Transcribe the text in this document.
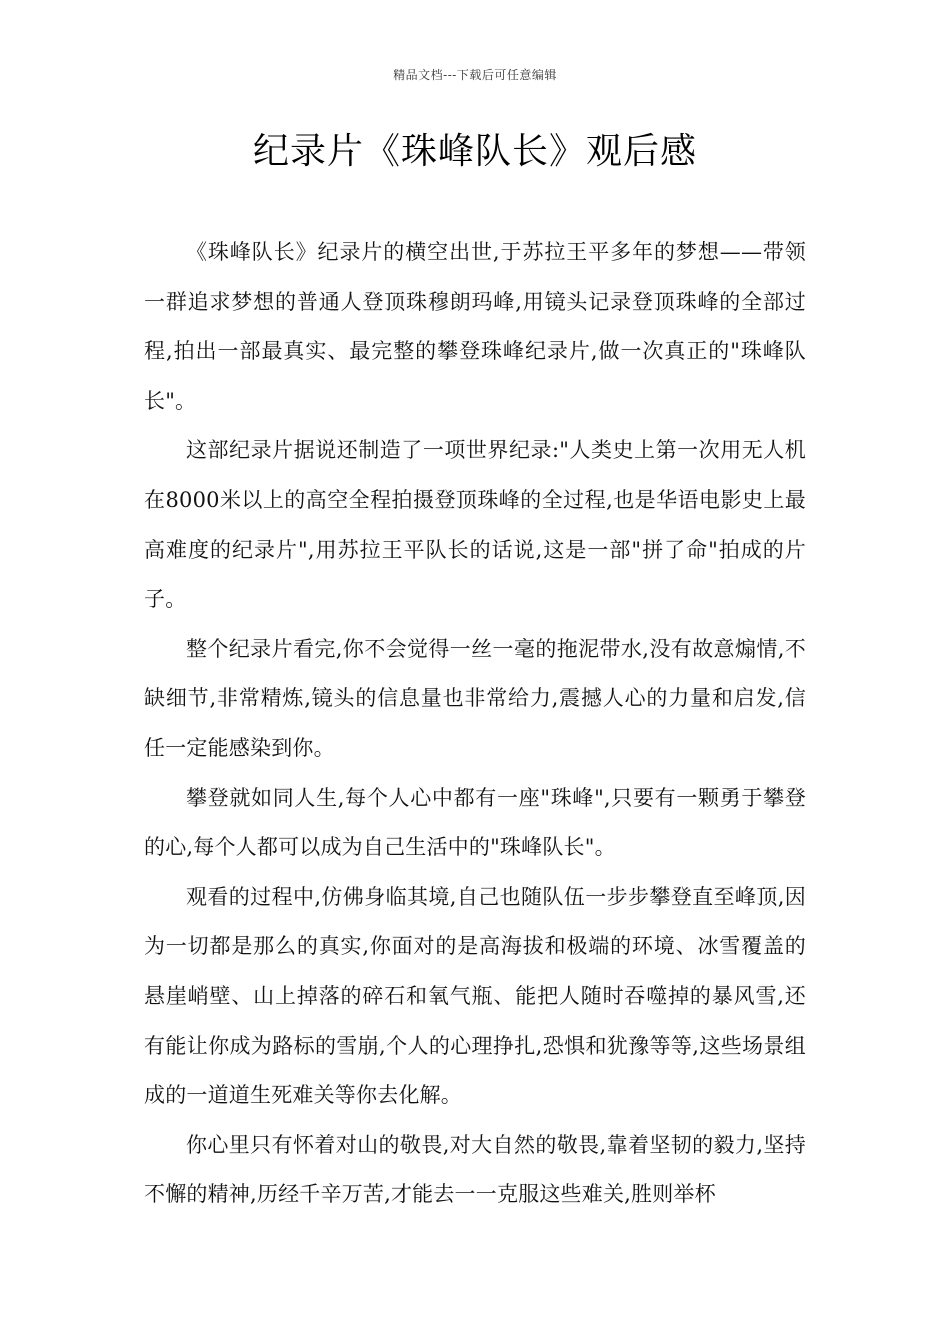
精品文档---下载后可任意编辑
纪录片《珠峰队长》观后感

《珠峰队长》纪录片的横空出世,于苏拉王平多年的梦想——带领一群追求梦想的普通人登顶珠穆朗玛峰,用镜头记录登顶珠峰的全部过程,拍出一部最真实、最完整的攀登珠峰纪录片,做一次真正的"珠峰队长"。

这部纪录片据说还制造了一项世界纪录:"人类史上第一次用无人机在8000米以上的高空全程拍摄登顶珠峰的全过程,也是华语电影史上最高难度的纪录片",用苏拉王平队长的话说,这是一部"拼了命"拍成的片子。

整个纪录片看完,你不会觉得一丝一毫的拖泥带水,没有故意煽情,不缺细节,非常精炼,镜头的信息量也非常给力,震撼人心的力量和启发,信任一定能感染到你。

攀登就如同人生,每个人心中都有一座"珠峰",只要有一颗勇于攀登的心,每个人都可以成为自己生活中的"珠峰队长"。

观看的过程中,仿佛身临其境,自己也随队伍一步步攀登直至峰顶,因为一切都是那么的真实,你面对的是高海拔和极端的环境、冰雪覆盖的悬崖峭壁、山上掉落的碎石和氧气瓶、能把人随时吞噬掉的暴风雪,还有能让你成为路标的雪崩,个人的心理挣扎,恐惧和犹豫等等,这些场景组成的一道道生死难关等你去化解。

你心里只有怀着对山的敬畏,对大自然的敬畏,靠着坚韧的毅力,坚持不懈的精神,历经千辛万苦,才能去一一克服这些难关,胜则举杯
